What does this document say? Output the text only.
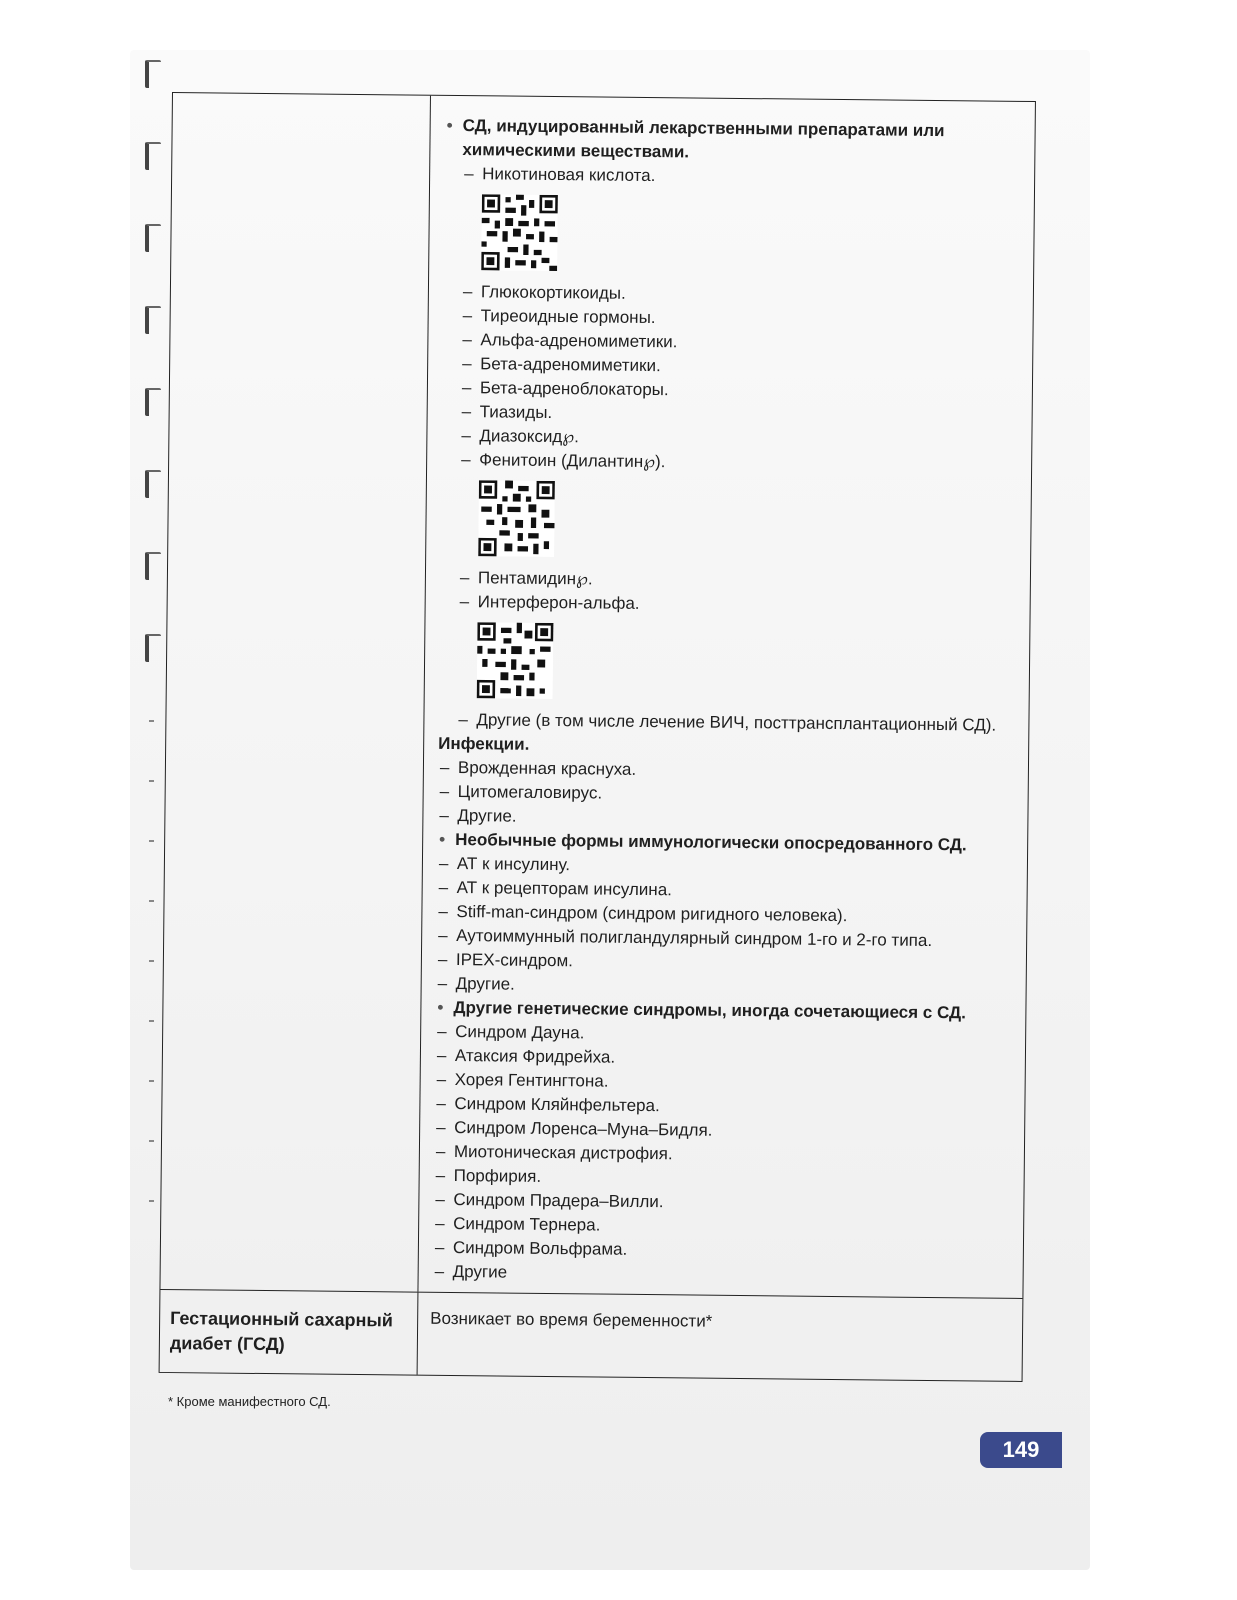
• СД, индуцированный лекарственными препаратами или химическими веществами.
– Никотиновая кислота.
– Глюкокортикоиды.
– Тиреоидные гормоны.
– Альфа-адреномиметики.
– Бета-адреномиметики.
– Бета-адреноблокаторы.
– Тиазиды.
– Диазоксид℘.
– Фенитоин (Дилантин℘).
– Пентамидин℘.
– Интерферон-альфа.
– Другие (в том числе лечение ВИЧ, посттрансплантационный СД).
Инфекции.
– Врожденная краснуха.
– Цитомегаловирус.
– Другие.
• Необычные формы иммунологически опосредованного СД.
– АТ к инсулину.
– АТ к рецепторам инсулина.
– Stiff-man-синдром (синдром ригидного человека).
– Аутоиммунный полигландулярный синдром 1-го и 2-го типа.
– IPEX-синдром.
– Другие.
• Другие генетические синдромы, иногда сочетающиеся с СД.
– Синдром Дауна.
– Атаксия Фридрейха.
– Хорея Гентингтона.
– Синдром Кляйнфельтера.
– Синдром Лоренса–Муна–Бидля.
– Миотоническая дистрофия.
– Порфирия.
– Синдром Прадера–Вилли.
– Синдром Тернера.
– Синдром Вольфрама.
– Другие
Гестационный сахарный диабет (ГСД)
Возникает во время беременности*
* Кроме манифестного СД.
149
